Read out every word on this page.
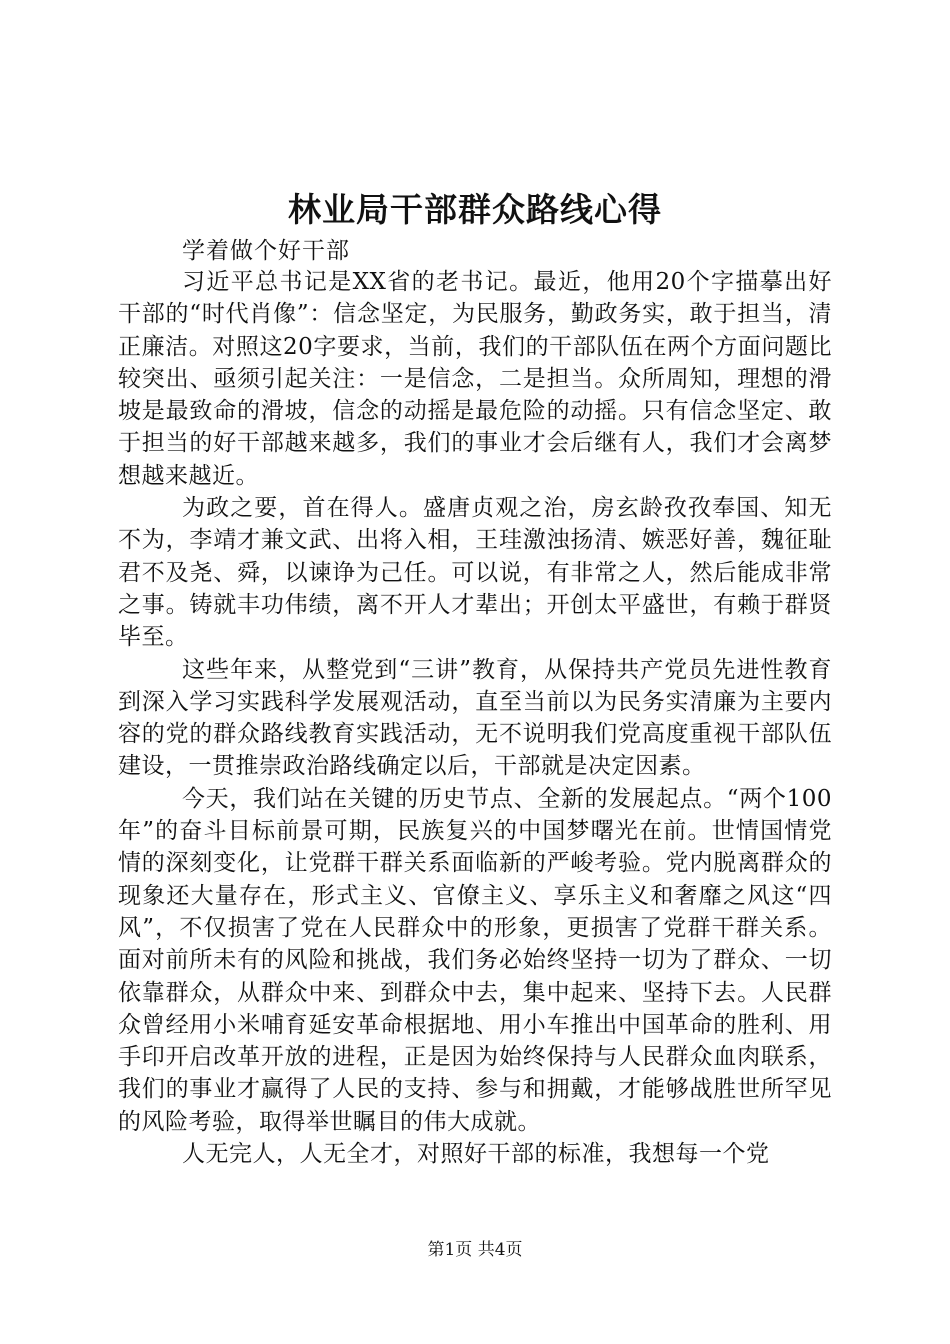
林业局干部群众路线心得

学着做个好干部

习近平总书记是XX省的老书记。最近，他用20个字描摹出好干部的“时代肖像”：信念坚定，为民服务，勤政务实，敢于担当，清正廉洁。对照这20字要求，当前，我们的干部队伍在两个方面问题比较突出、亟须引起关注：一是信念，二是担当。众所周知，理想的滑坡是最致命的滑坡，信念的动摇是最危险的动摇。只有信念坚定、敢于担当的好干部越来越多，我们的事业才会后继有人，我们才会离梦想越来越近。

为政之要，首在得人。盛唐贞观之治，房玄龄孜孜奉国、知无不为，李靖才兼文武、出将入相，王珪激浊扬清、嫉恶好善，魏征耻君不及尧、舜，以谏诤为己任。可以说，有非常之人，然后能成非常之事。铸就丰功伟绩，离不开人才辈出；开创太平盛世，有赖于群贤毕至。

这些年来，从整党到“三讲”教育，从保持共产党员先进性教育到深入学习实践科学发展观活动，直至当前以为民务实清廉为主要内容的党的群众路线教育实践活动，无不说明我们党高度重视干部队伍建设，一贯推崇政治路线确定以后，干部就是决定因素。

今天，我们站在关键的历史节点、全新的发展起点。“两个100年”的奋斗目标前景可期，民族复兴的中国梦曙光在前。世情国情党情的深刻变化，让党群干群关系面临新的严峻考验。党内脱离群众的现象还大量存在，形式主义、官僚主义、享乐主义和奢靡之风这“四风”，不仅损害了党在人民群众中的形象，更损害了党群干群关系。面对前所未有的风险和挑战，我们务必始终坚持一切为了群众、一切依靠群众，从群众中来、到群众中去，集中起来、坚持下去。人民群众曾经用小米哺育延安革命根据地、用小车推出中国革命的胜利、用手印开启改革开放的进程，正是因为始终保持与人民群众血肉联系，我们的事业才赢得了人民的支持、参与和拥戴，才能够战胜世所罕见的风险考验，取得举世瞩目的伟大成就。

人无完人，人无全才，对照好干部的标准，我想每一个党

第1页 共4页
